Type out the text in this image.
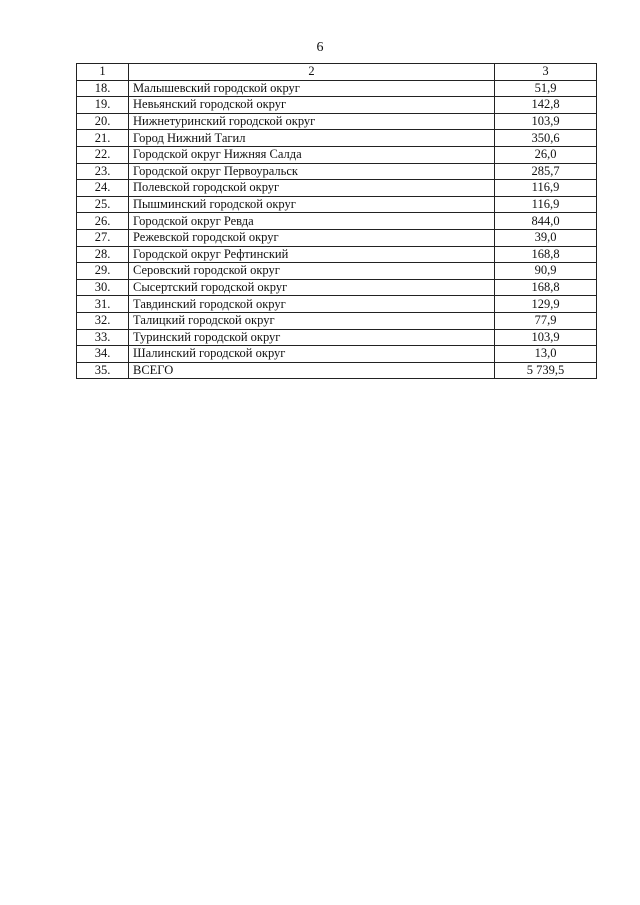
6
1	2	3
18.	Малышевский городской округ	51,9
19.	Невьянский городской округ	142,8
20.	Нижнетуринский городской округ	103,9
21.	Город Нижний Тагил	350,6
22.	Городской округ Нижняя Салда	26,0
23.	Городской округ Первоуральск	285,7
24.	Полевской городской округ	116,9
25.	Пышминский городской округ	116,9
26.	Городской округ Ревда	844,0
27.	Режевской городской округ	39,0
28.	Городской округ Рефтинский	168,8
29.	Серовский городской округ	90,9
30.	Сысертский городской округ	168,8
31.	Тавдинский городской округ	129,9
32.	Талицкий городской округ	77,9
33.	Туринский городской округ	103,9
34.	Шалинский городской округ	13,0
35.	ВСЕГО	5 739,5
